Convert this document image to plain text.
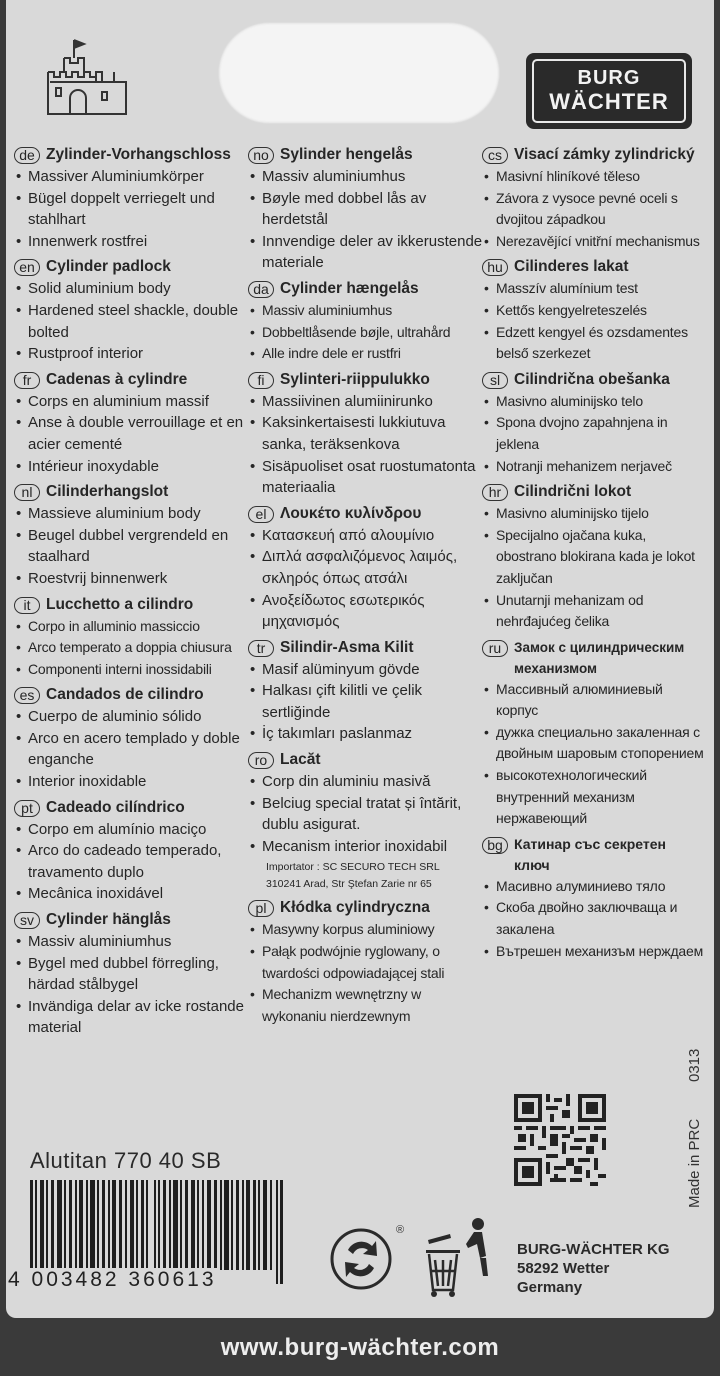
BURG
WÄCHTER
de Zylinder-Vorhangschloss
• Massiver Aluminiumkörper
• Bügel doppelt verriegelt und stahlhart
• Innenwerk rostfrei
en Cylinder padlock
• Solid aluminium body
• Hardened steel shackle, double bolted
• Rustproof interior
fr Cadenas à cylindre
• Corps en aluminium massif
• Anse à double verrouillage et en acier cementé
• Intérieur inoxydable
nl Cilinderhangslot
• Massieve aluminium body
• Beugel dubbel vergrendeld en staalhard
• Roestvrij binnenwerk
it	Lucchetto a cilindro
• Corpo in alluminio massiccio
• Arco temperato a doppia chiusura
• Componenti interni inossidabili
es Candados de cilindro
• Cuerpo de aluminio sólido
• Arco en acero templado y doble enganche
• Interior inoxidable
pt Cadeado cilíndrico
• Corpo em alumínio maciço
• Arco do cadeado temperado, travamento duplo
• Mecânica inoxidável
sv Cylinder hänglås
• Massiv aluminiumhus
• Bygel med dubbel förregling, härdad stålbygel
• Invändiga delar av icke rostande material
no Sylinder hengelås
• Massiv aluminiumhus
• Bøyle med dobbel lås av herdetstål
• Innvendige deler av ikkerustende materiale
da Cylinder hængelås
• Massiv aluminiumhus
• Dobbeltlåsende bøjle, ultrahård
• Alle indre dele er rustfri
fi	Sylinteri-riippulukko
• Massiivinen alumiinirunko
• Kaksinkertaisesti lukkiutuva sanka, teräksenkova
• Sisäpuoliset osat ruostumatonta materiaalia
el Λουκέτο κυλίνδρου
• Κατασκευή από αλουμίνιο
• Διπλά ασφαλιζόμενος λαιμός, σκληρός όπως ατσάλι
• Ανοξείδωτος εσωτερικός μηχανισμός
tr Silindir-Asma Kilit
• Masif alüminyum gövde
• Halkası çift kilitli ve çelik sertliğinde
• İç takımları paslanmaz
ro Lacăt
• Corp din aluminiu masivă
• Belciug special tratat și întărit, dublu asigurat.
• Mecanism interior inoxidabil
Importator : SC SECURO TECH SRL
310241 Arad, Str Ştefan Zarie nr 65
pl Kłódka cylindryczna
• Masywny korpus aluminiowy
• Pałąk podwójnie ryglowany, o twardości odpowiadającej stali
• Mechanizm wewnętrzny w wykonaniu nierdzewnym
cs Visací zámky zylindrický
• Masivní hliníkové těleso
• Závora z vysoce pevné oceli s dvojitou západkou
• Nerezavějící vnitřní mechanismus
hu Cilinderes lakat
• Masszív alumínium test
• Kettős kengyelreteszelés
• Edzett kengyel és ozsdamentes belső szerkezet
sl Cilindrična obešanka
• Masivno aluminijsko telo
• Spona dvojno zapahnjena in jeklena
• Notranji mehanizem nerjaveč
hr Cilindrični lokot
• Masivno aluminijsko tijelo
• Specijalno ojačana kuka, obostrano blokirana kada je lokot zaključan
• Unutarnji mehanizam od nehrđajućeg čelika
ru Замок с цилиндрическим механизмом
• Массивный алюминиевый корпус
• дужка специально закаленная с двойным шаровым стопорением
• высокотехнологический внутренний механизм нержавеющий
bg Катинар със секретен ключ
• Масивно алуминиево тяло
• Скоба двойно заключваща и закалена
• Вътрешен механизъм нерждаем
0313
Made in PRC
Alutitan 770 40 SB
4 003482 360613
®
BURG-WÄCHTER KG
58292 Wetter
Germany
www.burg-wächter.com
